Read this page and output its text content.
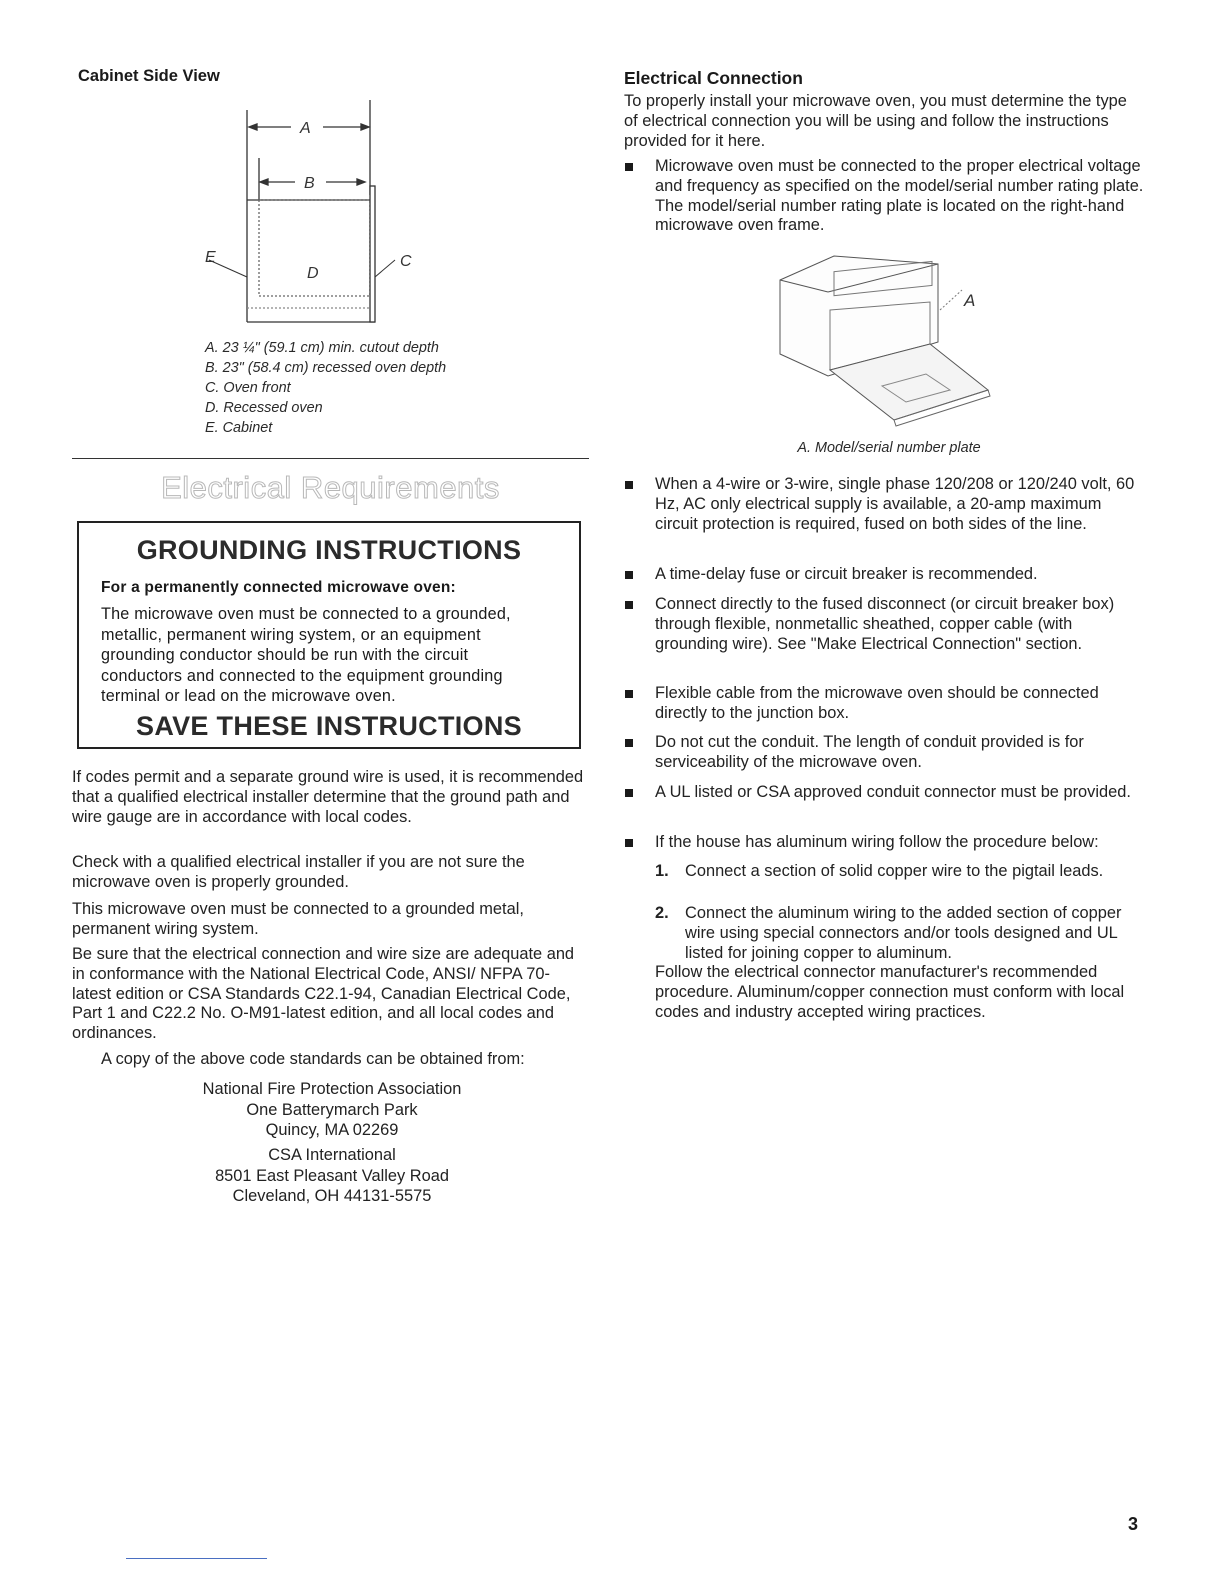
Cabinet Side View
A
B
C
D
E
A. 23 ¼" (59.1 cm) min. cutout depth
B. 23" (58.4 cm) recessed oven depth
C. Oven front
D. Recessed oven
E. Cabinet
Electrical Requirements
GROUNDING INSTRUCTIONS
For a permanently connected microwave oven:
The microwave oven must be connected to a grounded,
metallic, permanent wiring system, or an equipment
grounding conductor should be run with the circuit
conductors and connected to the equipment grounding
terminal or lead on the microwave oven.
SAVE THESE INSTRUCTIONS
If codes permit and a separate ground wire is used, it is recommended that a qualified electrical installer determine that the ground path and wire gauge are in accordance with local codes.
Check with a qualified electrical installer if you are not sure the microwave oven is properly grounded.
This microwave oven must be connected to a grounded metal, permanent wiring system.
Be sure that the electrical connection and wire size are adequate and in conformance with the National Electrical Code, ANSI/ NFPA 70-latest edition or CSA Standards C22.1-94, Canadian Electrical Code, Part 1 and C22.2 No. O-M91-latest edition, and all local codes and ordinances.
A copy of the above code standards can be obtained from:
National Fire Protection Association
One Batterymarch Park
Quincy, MA 02269
CSA International
8501 East Pleasant Valley Road
Cleveland, OH 44131-5575
Electrical Connection
To properly install your microwave oven, you must determine the type of electrical connection you will be using and follow the instructions provided for it here.
Microwave oven must be connected to the proper electrical voltage and frequency as specified on the model/serial number rating plate. The model/serial number rating plate is located on the right-hand microwave oven frame.
A
A. Model/serial number plate
When a 4-wire or 3-wire, single phase 120/208 or 120/240 volt, 60 Hz, AC only electrical supply is available, a 20-amp maximum circuit protection is required, fused on both sides of the line.
A time-delay fuse or circuit breaker is recommended.
Connect directly to the fused disconnect (or circuit breaker box) through flexible, nonmetallic sheathed, copper cable (with grounding wire). See "Make Electrical Connection" section.
Flexible cable from the microwave oven should be connected directly to the junction box.
Do not cut the conduit. The length of conduit provided is for serviceability of the microwave oven.
A UL listed or CSA approved conduit connector must be provided.
If the house has aluminum wiring follow the procedure below:
1. Connect a section of solid copper wire to the pigtail leads.
2. Connect the aluminum wiring to the added section of copper wire using special connectors and/or tools designed and UL listed for joining copper to aluminum.
Follow the electrical connector manufacturer's recommended procedure. Aluminum/copper connection must conform with local codes and industry accepted wiring practices.
3
